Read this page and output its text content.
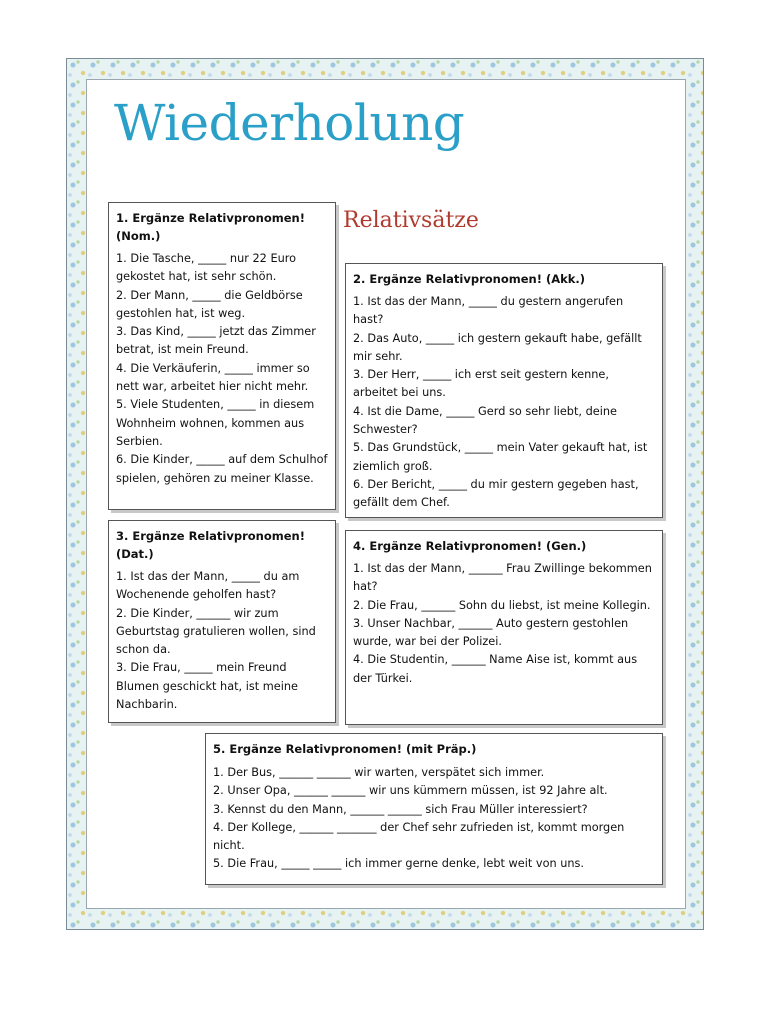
Wiederholung
Relativsätze
1. Ergänze Relativpronomen! (Nom.)

1. Die Tasche, _____ nur 22 Euro gekostet hat, ist sehr schön.

2. Der Mann, _____ die Geldbörse gestohlen hat, ist weg.

3. Das Kind, _____ jetzt das Zimmer betrat, ist mein Freund.

4. Die Verkäuferin, _____ immer so nett war, arbeitet hier nicht mehr.

5. Viele Studenten, _____ in diesem Wohnheim wohnen, kommen aus Serbien.

6. Die Kinder, _____ auf dem Schulhof spielen, gehören zu meiner Klasse.

2. Ergänze Relativpronomen! (Akk.)

1. Ist das der Mann, _____ du gestern angerufen hast?

2. Das Auto, _____ ich gestern gekauft habe, gefällt mir sehr.

3. Der Herr, _____ ich erst seit gestern kenne, arbeitet bei uns.

4. Ist die Dame, _____ Gerd so sehr liebt, deine Schwester?

5. Das Grundstück, _____ mein Vater gekauft hat, ist ziemlich groß.

6. Der Bericht, _____ du mir gestern gegeben hast, gefällt dem Chef.

3. Ergänze Relativpronomen! (Dat.)

1. Ist das der Mann, _____ du am Wochenende geholfen hast?

2. Die Kinder, ______ wir zum Geburtstag gratulieren wollen, sind schon da.

3. Die Frau, _____ mein Freund Blumen geschickt hat, ist meine Nachbarin.

4. Ergänze Relativpronomen! (Gen.)

1. Ist das der Mann, ______ Frau Zwillinge bekommen hat?

2. Die Frau, ______ Sohn du liebst, ist meine Kollegin.

3. Unser Nachbar, ______ Auto gestern gestohlen wurde, war bei der Polizei.

4. Die Studentin, ______ Name Aise ist, kommt aus der Türkei.

5. Ergänze Relativpronomen! (mit Präp.)

1. Der Bus, ______ ______ wir warten, verspätet sich immer.

2. Unser Opa, ______ ______ wir uns kümmern müssen, ist 92 Jahre alt.

3. Kennst du den Mann, ______ ______ sich Frau Müller interessiert?

4. Der Kollege, ______ _______ der Chef sehr zufrieden ist, kommt morgen nicht.

5. Die Frau, _____ _____ ich immer gerne denke, lebt weit von uns.
